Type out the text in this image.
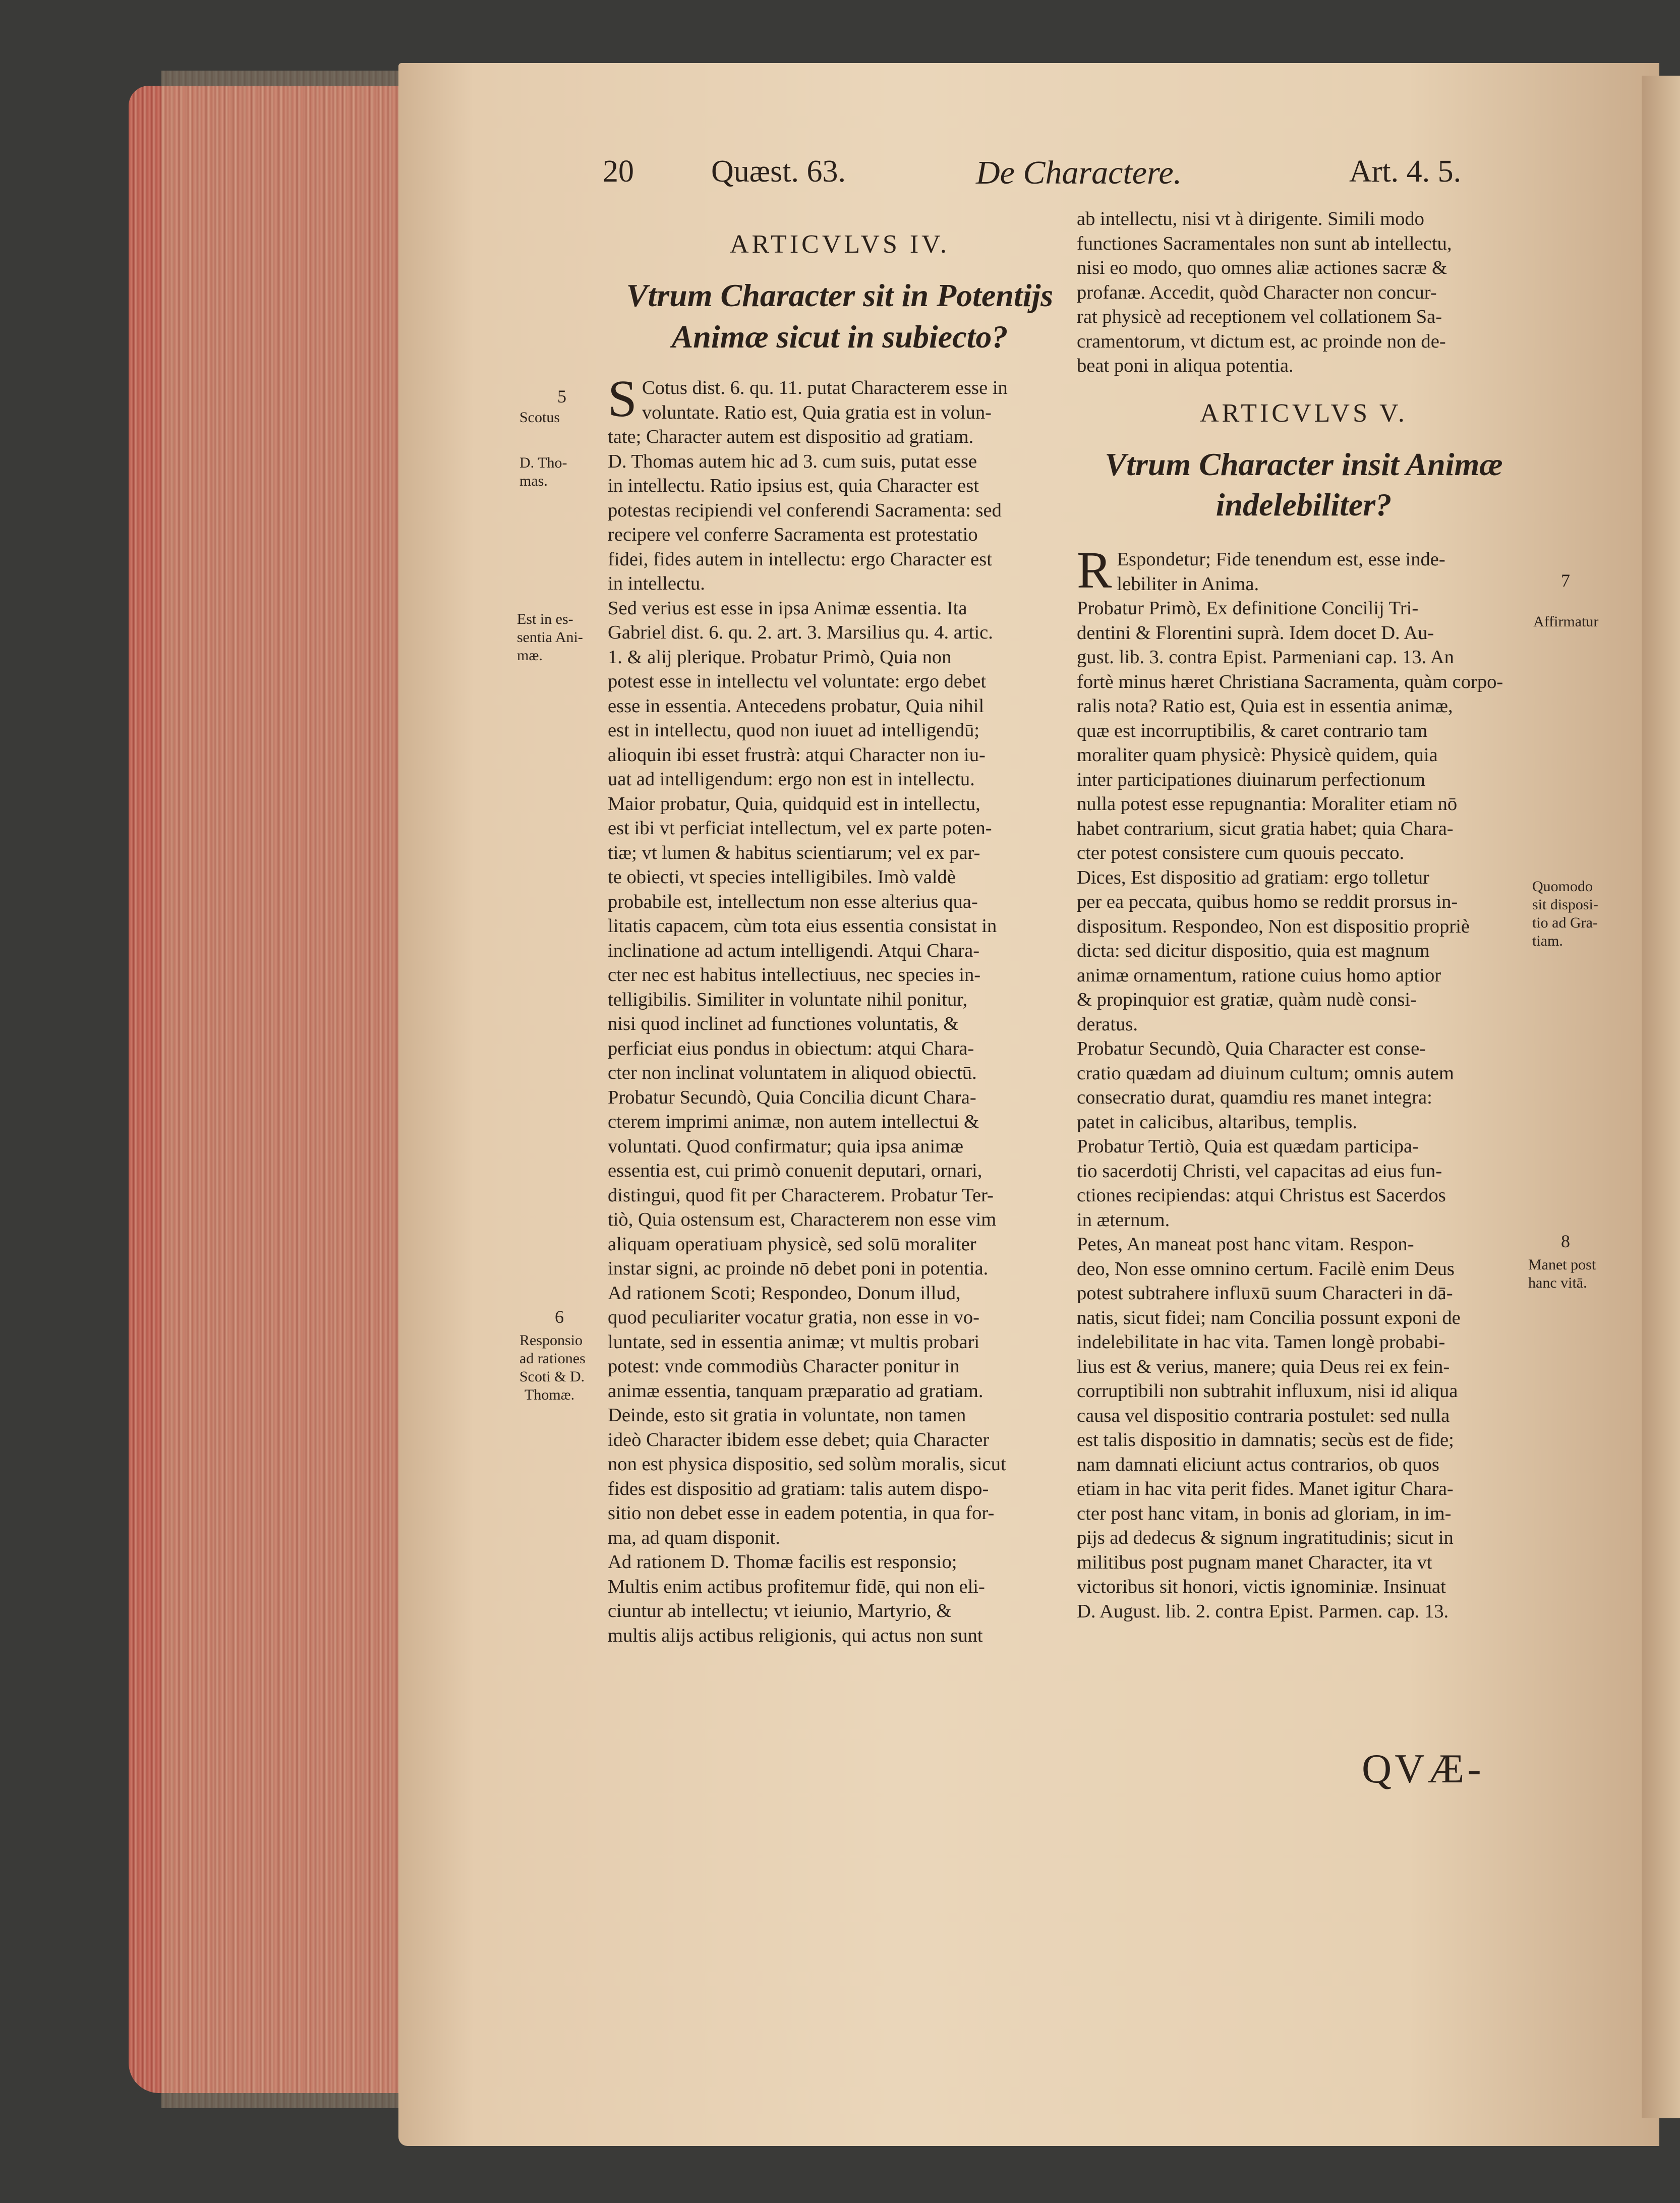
20 Quæst. 63.	De Charactere.	Art. 4. 5.
ARTICVLVS IV.
Vtrum Character sit in Potentijs
Animæ sicut in subiecto?
S Cotus dist. 6. qu. 11. putat Characterem esse in
voluntate. Ratio est, Quia gratia est in volun-
tate; Character autem est dispositio ad gratiam.
D. Thomas autem hic ad 3. cum suis, putat esse
in intellectu. Ratio ipsius est, quia Character est
potestas recipiendi vel conferendi Sacramenta: sed
recipere vel conferre Sacramenta est protestatio
fidei, fides autem in intellectu: ergo Character est
in intellectu.
Sed verius est esse in ipsa Animæ essentia. Ita
Gabriel dist. 6. qu. 2. art. 3. Marsilius qu. 4. artic.
1. & alij plerique. Probatur Primò, Quia non
potest esse in intellectu vel voluntate: ergo debet
esse in essentia. Antecedens probatur, Quia nihil
est in intellectu, quod non iuuet ad intelligendū;
alioquin ibi esset frustrà: atqui Character non iu-
uat ad intelligendum: ergo non est in intellectu.
Maior probatur, Quia, quidquid est in intellectu,
est ibi vt perficiat intellectum, vel ex parte poten-
tiæ; vt lumen & habitus scientiarum; vel ex par-
te obiecti, vt species intelligibiles. Imò valdè
probabile est, intellectum non esse alterius qua-
litatis capacem, cùm tota eius essentia consistat in
inclinatione ad actum intelligendi. Atqui Chara-
cter nec est habitus intellectiuus, nec species in-
telligibilis. Similiter in voluntate nihil ponitur,
nisi quod inclinet ad functiones voluntatis, &
perficiat eius pondus in obiectum: atqui Chara-
cter non inclinat voluntatem in aliquod obiectū.
Probatur Secundò, Quia Concilia dicunt Chara-
cterem imprimi animæ, non autem intellectui &
voluntati. Quod confirmatur; quia ipsa animæ
essentia est, cui primò conuenit deputari, ornari,
distingui, quod fit per Characterem. Probatur Ter-
tiò, Quia ostensum est, Characterem non esse vim
aliquam operatiuam physicè, sed solū moraliter
instar signi, ac proinde nō debet poni in potentia.
Ad rationem Scoti; Respondeo, Donum illud,
quod peculiariter vocatur gratia, non esse in vo-
luntate, sed in essentia animæ; vt multis probari
potest: vnde commodiùs Character ponitur in
animæ essentia, tanquam præparatio ad gratiam.
Deinde, esto sit gratia in voluntate, non tamen
ideò Character ibidem esse debet; quia Character
non est physica dispositio, sed solùm moralis, sicut
fides est dispositio ad gratiam: talis autem dispo-
sitio non debet esse in eadem potentia, in qua for-
ma, ad quam disponit.
Ad rationem D. Thomæ facilis est responsio;
Multis enim actibus profitemur fidē, qui non eli-
ciuntur ab intellectu; vt ieiunio, Martyrio, &
multis alijs actibus religionis, qui actus non sunt

ab intellectu, nisi vt à dirigente. Simili modo
functiones Sacramentales non sunt ab intellectu,
nisi eo modo, quo omnes aliæ actiones sacræ &
profanæ. Accedit, quòd Character non concur-
rat physicè ad receptionem vel collationem Sa-
cramentorum, vt dictum est, ac proinde non de-
beat poni in aliqua potentia.

ARTICVLVS V.
Vtrum Character insit Animæ
indelebiliter?
R Espondetur; Fide tenendum est, esse inde-
lebiliter in Anima.
Probatur Primò, Ex definitione Concilij Tri-
dentini & Florentini suprà. Idem docet D. Au-
gust. lib. 3. contra Epist. Parmeniani cap. 13. An
fortè minus hæret Christiana Sacramenta, quàm corpo-
ralis nota? Ratio est, Quia est in essentia animæ,
quæ est incorruptibilis, & caret contrario tam
moraliter quam physicè: Physicè quidem, quia
inter participationes diuinarum perfectionum
nulla potest esse repugnantia: Moraliter etiam nō
habet contrarium, sicut gratia habet; quia Chara-
cter potest consistere cum quouis peccato.
Dices, Est dispositio ad gratiam: ergo tolletur
per ea peccata, quibus homo se reddit prorsus in-
dispositum. Respondeo, Non est dispositio propriè
dicta: sed dicitur dispositio, quia est magnum
animæ ornamentum, ratione cuius homo aptior
& propinquior est gratiæ, quàm nudè consi-
deratus.
Probatur Secundò, Quia Character est conse-
cratio quædam ad diuinum cultum; omnis autem
consecratio durat, quamdiu res manet integra:
patet in calicibus, altaribus, templis.
Probatur Tertiò, Quia est quædam participa-
tio sacerdotij Christi, vel capacitas ad eius fun-
ctiones recipiendas: atqui Christus est Sacerdos
in æternum.
Petes, An maneat post hanc vitam. Respon-
deo, Non esse omnino certum. Facilè enim Deus
potest subtrahere influxū suum Characteri in dā-
natis, sicut fidei; nam Concilia possunt exponi de
indelebilitate in hac vita. Tamen longè probabi-
lius est & verius, manere; quia Deus rei ex fein-
corruptibili non subtrahit influxum, nisi id aliqua
causa vel dispositio contraria postulet: sed nulla
est talis dispositio in damnatis; secùs est de fide;
nam damnati eliciunt actus contrarios, ob quos
etiam in hac vita perit fides. Manet igitur Chara-
cter post hanc vitam, in bonis ad gloriam, in im-
pijs ad dedecus & signum ingratitudinis; sicut in
militibus post pugnam manet Character, ita vt
victoribus sit honori, victis ignominiæ. Insinuat
D. August. lib. 2. contra Epist. Parmen. cap. 13.

5
Scotus
D. Tho-
mas.
Est in es-
sentia Ani-
mæ.
6
Responsio
ad rationes
Scoti & D.
Thomæ.
7
Affirmatur
Quomodo
sit disposi-
tio ad Gra-
tiam.
8
Manet post
hanc vitā.
QVÆ-
